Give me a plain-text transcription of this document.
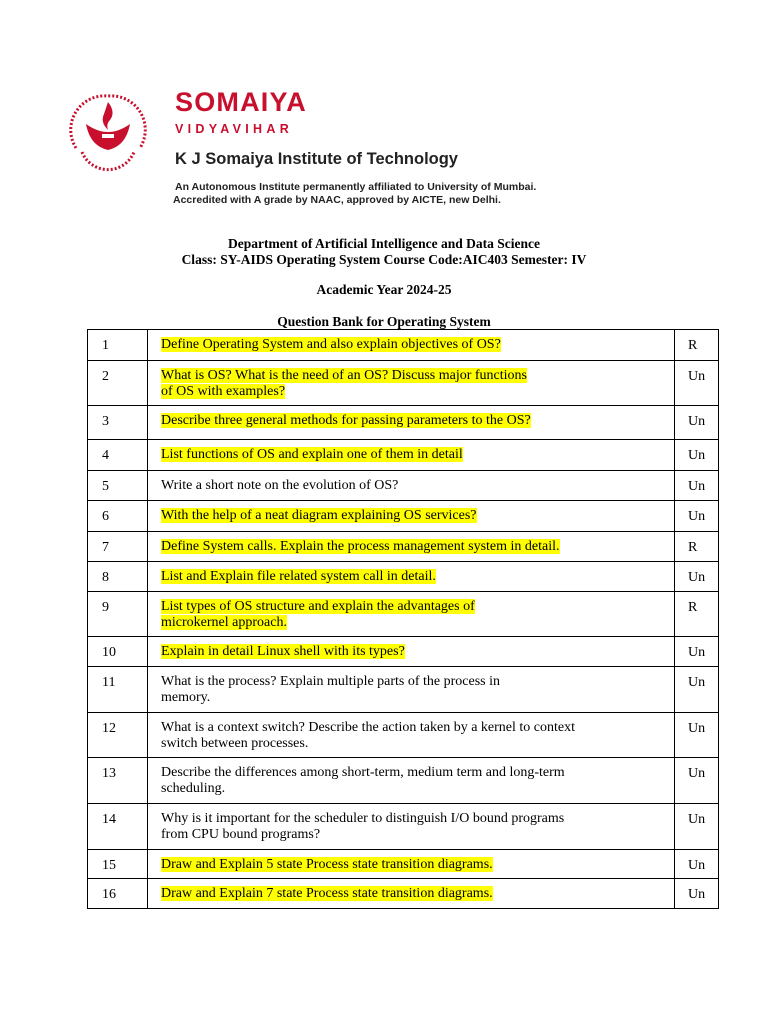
SOMAIYA
VIDYAVIHAR
K J Somaiya Institute of Technology
An Autonomous Institute permanently affiliated to University of Mumbai.
Accredited with A grade by NAAC, approved by AICTE, new Delhi.
Department of Artificial Intelligence and Data Science
Class: SY-AIDS Operating System Course Code:AIC403 Semester: IV
Academic Year 2024-25
Question Bank for Operating System
1	Define Operating System and also explain objectives of OS?	R
2	What is OS? What is the need of an OS? Discuss major functions
of OS with examples?	Un
3	Describe three general methods for passing parameters to the OS?	Un
4	List functions of OS and explain one of them in detail	Un
5	Write a short note on the evolution of OS?	Un
6	With the help of a neat diagram explaining OS services?	Un
7	Define System calls. Explain the process management system in detail.	R
8	List and Explain file related system call in detail.	Un
9	List types of OS structure and explain the advantages of
microkernel approach.	R
10	Explain in detail Linux shell with its types?	Un
11	What is the process? Explain multiple parts of the process in
memory.	Un
12	What is a context switch? Describe the action taken by a kernel to context
switch between processes.	Un
13	Describe the differences among short-term, medium term and long-term
scheduling.	Un
14	Why is it important for the scheduler to distinguish I/O bound programs
from CPU bound programs?	Un
15	Draw and Explain 5 state Process state transition diagrams.	Un
16	Draw and Explain 7 state Process state transition diagrams.	Un
